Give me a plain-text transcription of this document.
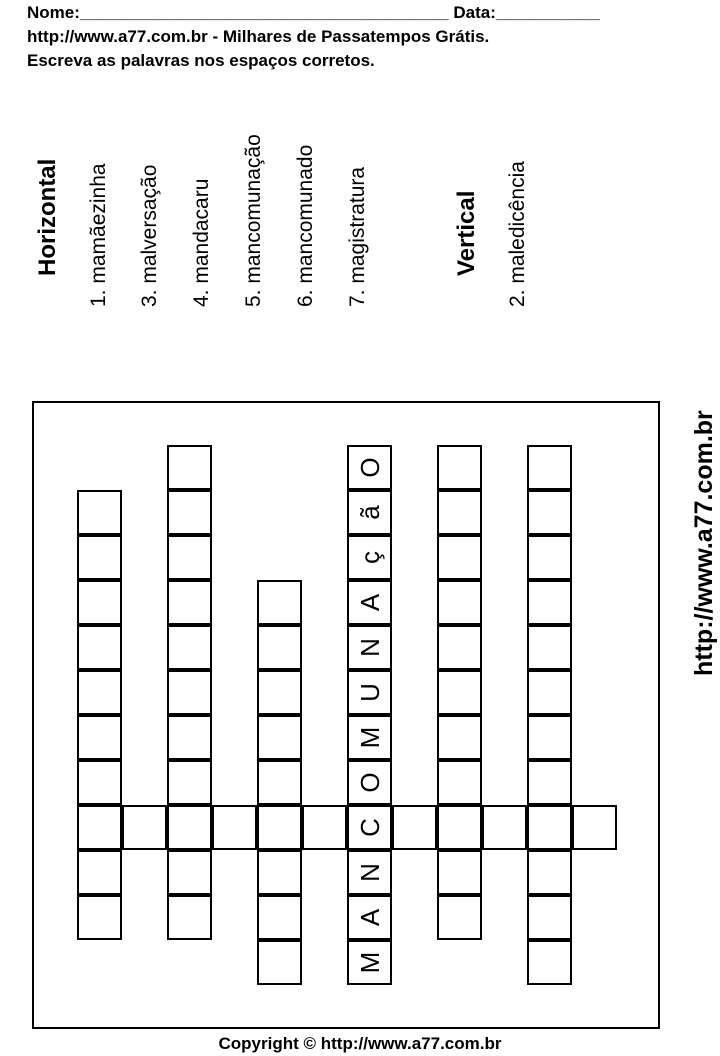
Nome:_______________________________________ Data:___________
http://www.a77.com.br - Milhares de Passatempos Grátis.
Escreva as palavras nos espaços corretos.
Horizontal 1. mamãezinha 3. malversação 4. mandacaru 5. mancomunação 6. mancomunado 7. magistratura	Vertical 2. maledicência
http://www.a77.com.br
O
ã
ç
A
N
U
M
O
C
N
A
M
Copyright © http://www.a77.com.br
